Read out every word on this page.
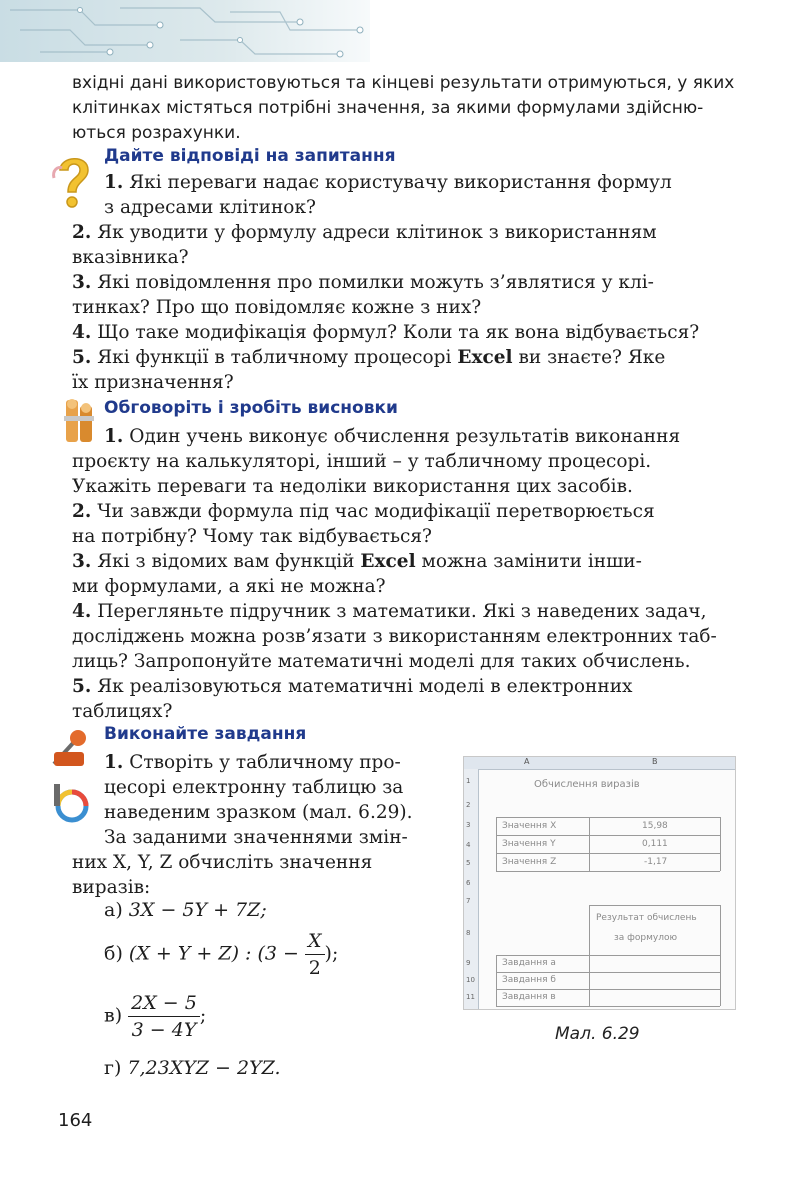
вхідні дані використовуються та кінцеві результати отримуються, у яких
клітинках містяться потрібні значення, за якими формулами здійсню-
ються розрахунки.
Дайте відповіді на запитання
1. Які переваги надає користувачу використання формул
з адресами клітинок?
2. Як уводити у формулу адреси клітинок з використанням
вказівника?
3. Які повідомлення про помилки можуть з’являтися у клі-
тинках? Про що повідомляє кожне з них?
4. Що таке модифікація формул? Коли та як вона відбувається?
5. Які функції в табличному процесорі Excel ви знаєте? Яке
їх призначення?
Обговоріть і зробіть висновки
1. Один учень виконує обчислення результатів виконання
проєкту на калькуляторі, інший – у табличному процесорі.
Укажіть переваги та недоліки використання цих засобів.
2. Чи завжди формула під час модифікації перетворюється
на потрібну? Чому так відбувається?
3. Які з відомих вам функцій Excel можна замінити інши-
ми формулами, а які не можна?
4. Перегляньте підручник з математики. Які з наведених задач,
досліджень можна розв’язати з використанням електронних таб-
лиць? Запропонуйте математичні моделі для таких обчислень.
5. Як реалізовуються математичні моделі в електронних
таблицях?
Виконайте завдання
1. Створіть у табличному про-
цесорі електронну таблицю за
наведеним зразком (мал. 6.29).
За заданими значеннями змін-
них X, Y, Z обчисліть значення
виразів:
а) 3X − 5Y + 7Z;
б) (X + Y + Z) : ($3 - \frac{X}{2}$ );
$в) \frac{2X - 5}{3 - 4Y}$ ;
г) 7,23XYZ − 2YZ.
A	B
1
2
3
4
5
6
7
8
9
10
11
Обчислення виразів
Значення X	15,98
Значення Y	0,111
Значення Z	-1,17
Результат обчислень
за формулою
Завдання а
Завдання б
Завдання в
Мал. 6.29
164
